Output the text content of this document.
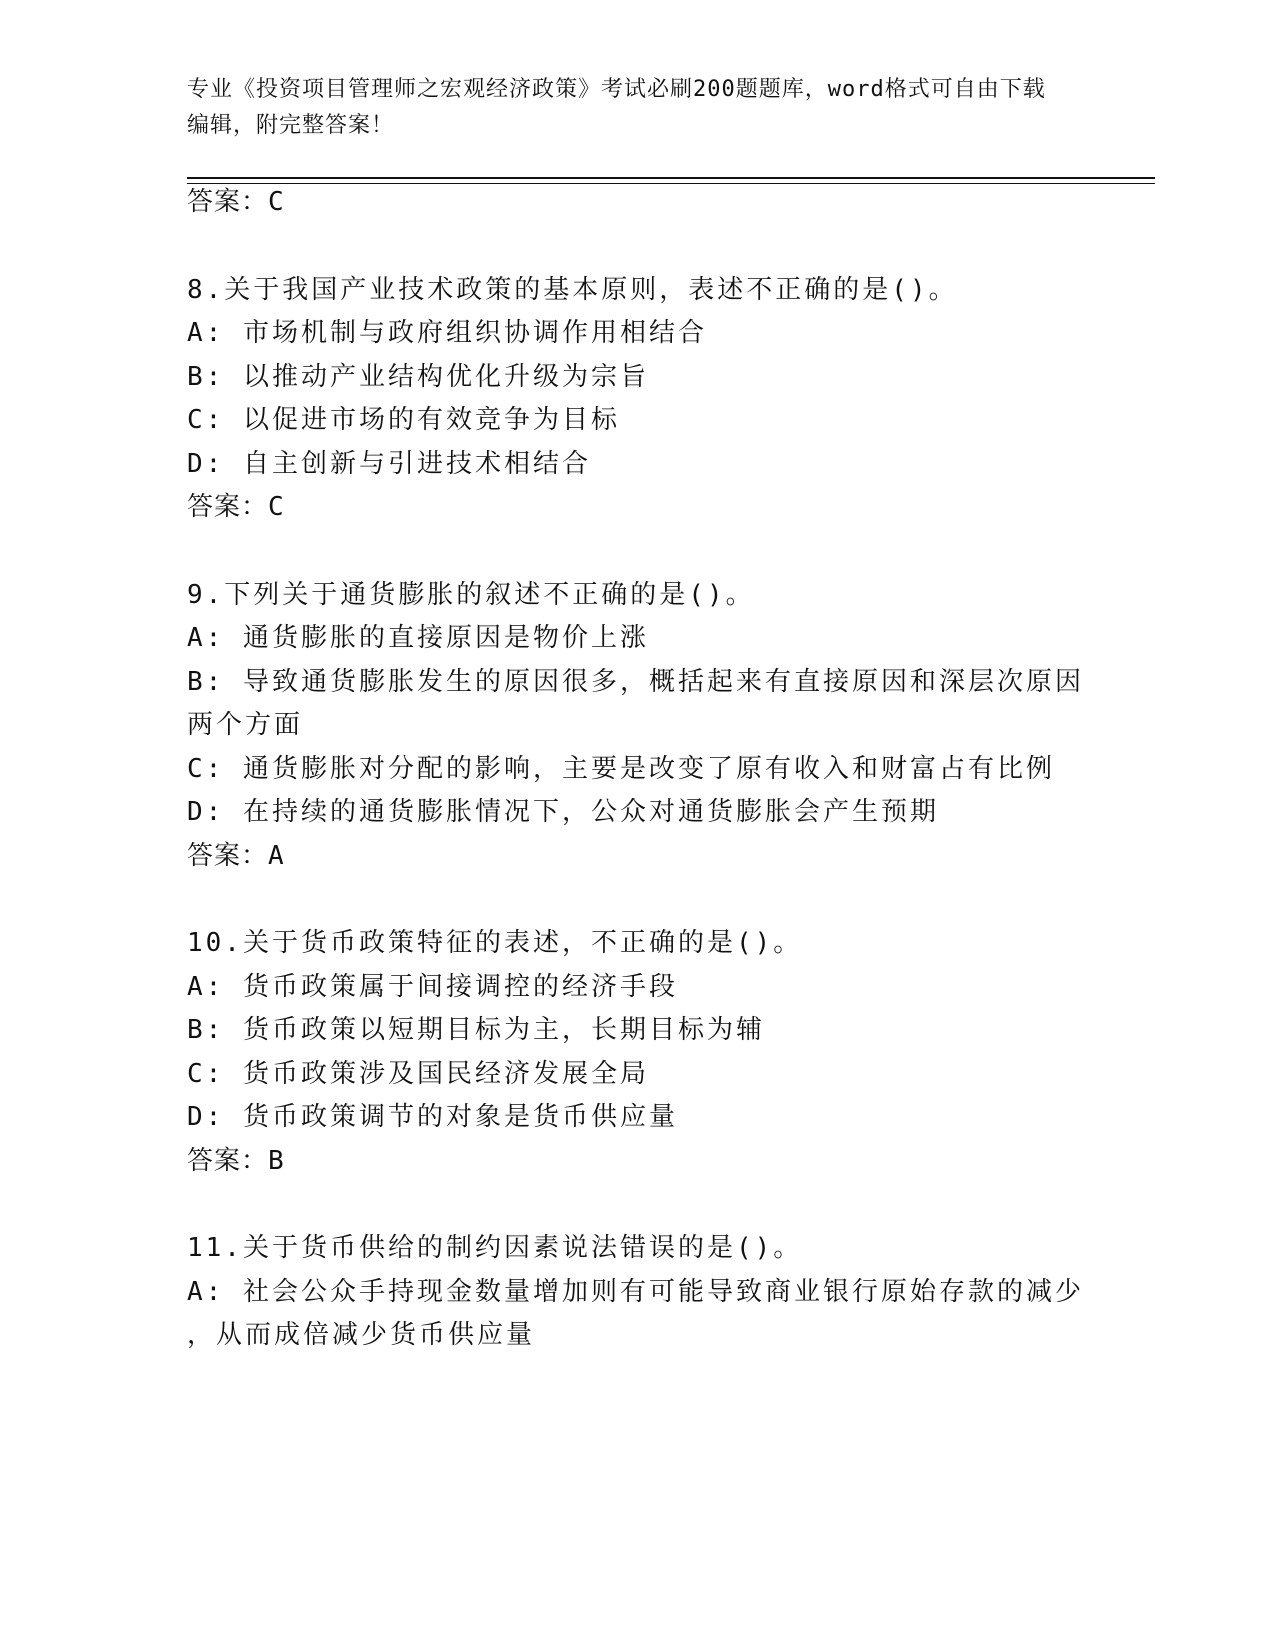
专业《投资项目管理师之宏观经济政策》考试必刷200题题库，word格式可自由下载编辑，附完整答案！
答案：C
8.关于我国产业技术政策的基本原则，表述不正确的是()。
A: 市场机制与政府组织协调作用相结合
B: 以推动产业结构优化升级为宗旨
C: 以促进市场的有效竞争为目标
D: 自主创新与引进技术相结合
答案：C
9.下列关于通货膨胀的叙述不正确的是()。
A: 通货膨胀的直接原因是物价上涨
B: 导致通货膨胀发生的原因很多，概括起来有直接原因和深层次原因
两个方面
C: 通货膨胀对分配的影响，主要是改变了原有收入和财富占有比例
D: 在持续的通货膨胀情况下，公众对通货膨胀会产生预期
答案：A
10.关于货币政策特征的表述，不正确的是()。
A: 货币政策属于间接调控的经济手段
B: 货币政策以短期目标为主，长期目标为辅
C: 货币政策涉及国民经济发展全局
D: 货币政策调节的对象是货币供应量
答案：B
11.关于货币供给的制约因素说法错误的是()。
A: 社会公众手持现金数量增加则有可能导致商业银行原始存款的减少
，从而成倍减少货币供应量
